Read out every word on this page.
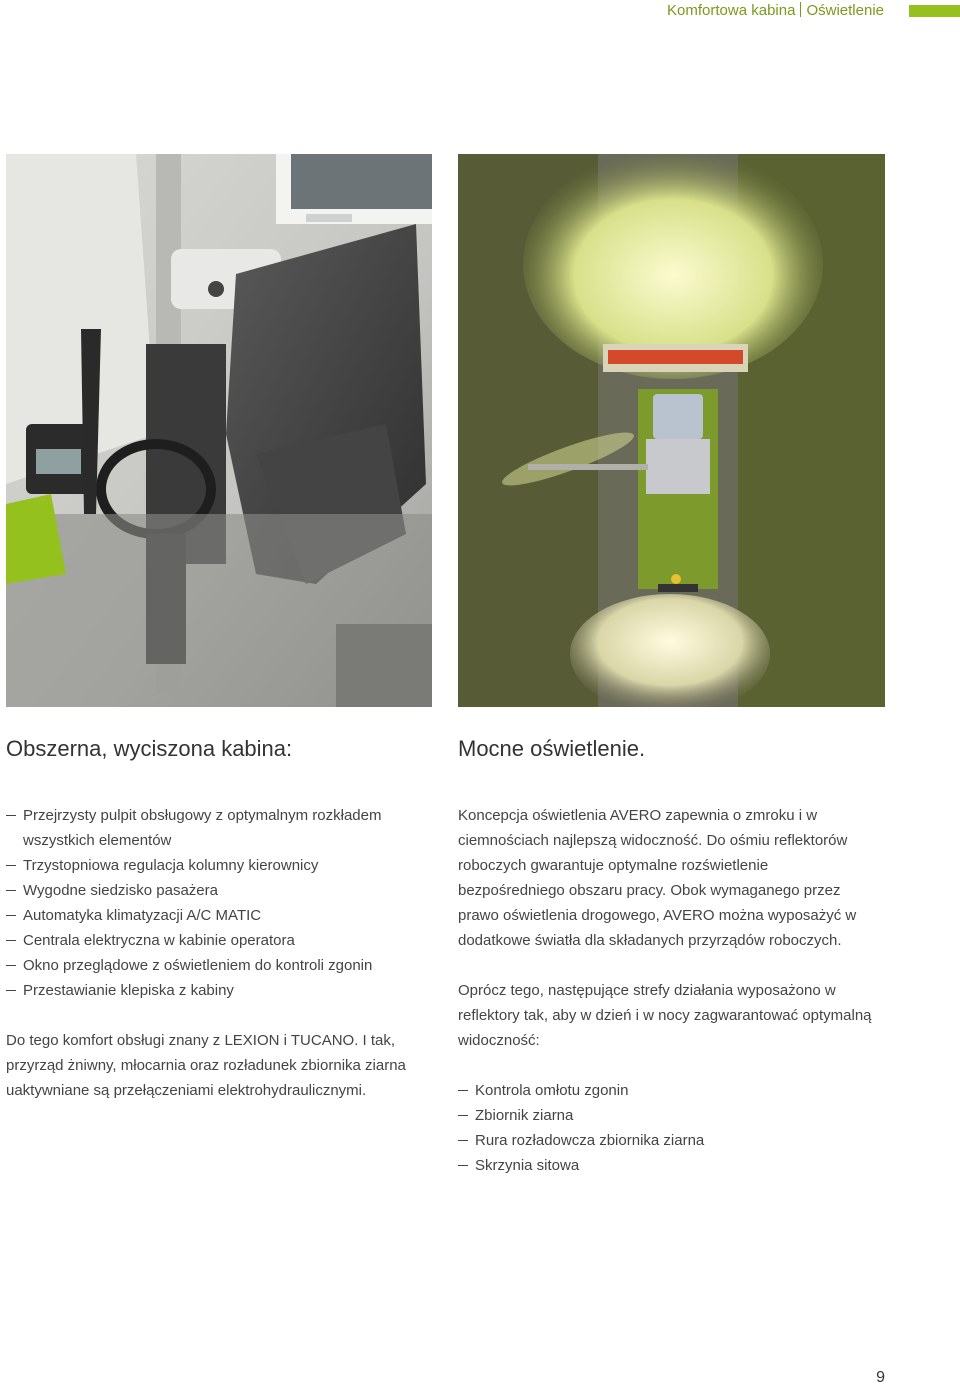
Komfortowa kabina Oświetlenie
Obszerna, wyciszona kabina:
Przejrzysty pulpit obsługowy z optymalnym rozkładem wszystkich elementów
Trzystopniowa regulacja kolumny kierownicy
Wygodne siedzisko pasażera
Automatyka klimatyzacji A/C MATIC
Centrala elektryczna w kabinie operatora
Okno przeglądowe z oświetleniem do kontroli zgonin
Przestawianie klepiska z kabiny

Do tego komfort obsługi znany z LEXION i TUCANO. I tak, przyrząd żniwny, młocarnia oraz rozładunek zbiornika ziarna uaktywniane są przełączeniami elektrohydraulicznymi.

Mocne oświetlenie.

Koncepcja oświetlenia AVERO zapewnia o zmroku i w ciemnościach najlepszą widoczność. Do ośmiu reflektorów roboczych gwarantuje optymalne rozświetlenie bezpośredniego obszaru pracy. Obok wymaganego przez prawo oświetlenia drogowego, AVERO można wyposażyć w dodatkowe światła dla składanych przyrządów roboczych.

Oprócz tego, następujące strefy działania wyposażono w reflektory tak, aby w dzień i w nocy zagwarantować optymalną widoczność:

Kontrola omłotu zgonin
Zbiornik ziarna
Rura rozładowcza zbiornika ziarna
Skrzynia sitowa
9
